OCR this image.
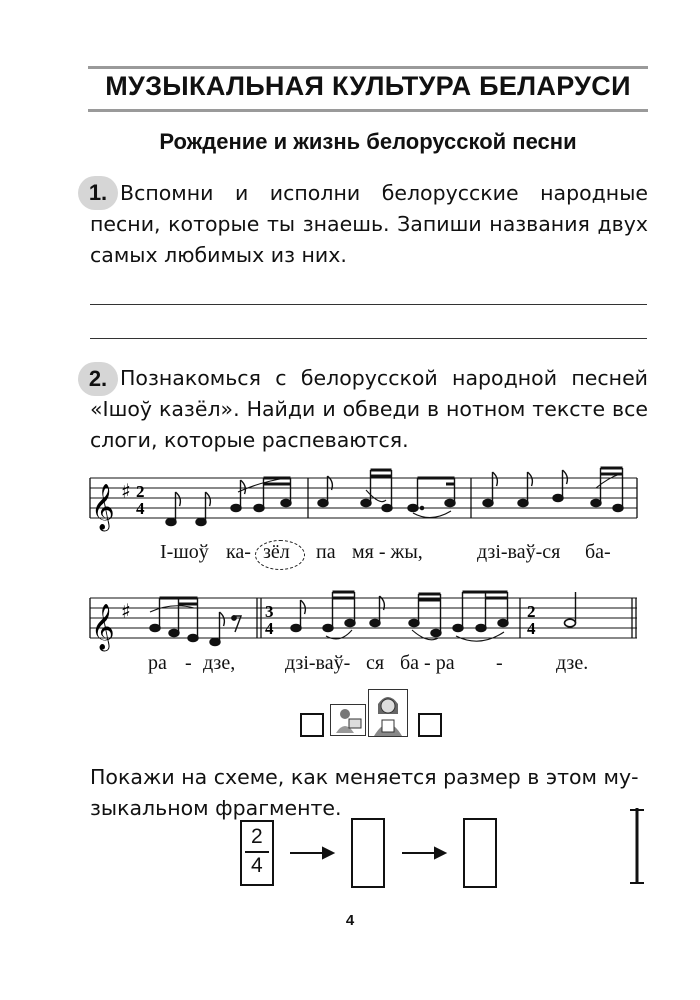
МУЗЫКАЛЬНАЯ КУЛЬТУРА БЕЛАРУСИ
Рождение и жизнь белорусской песни
1. Вспомни и исполни белорусские народные песни, которые ты знаешь. Запиши названия двух самых любимых из них.
2. Познакомься с белорусской народной песней «Ішоў казёл». Найди и обведи в нотном тексте все слоги, которые распеваются.
𝄞 ♯ 2
4
𝄞 ♯	3
4
2
4
І-шоў ка- зёл па мя - жы,	дзі-ваў-ся ба-
ра - дзе, дзі-ваў- ся ба - ра -	дзе.
Покажи на схеме, как меняется размер в этом му-
зыкальном фрагменте.
2
4
4
